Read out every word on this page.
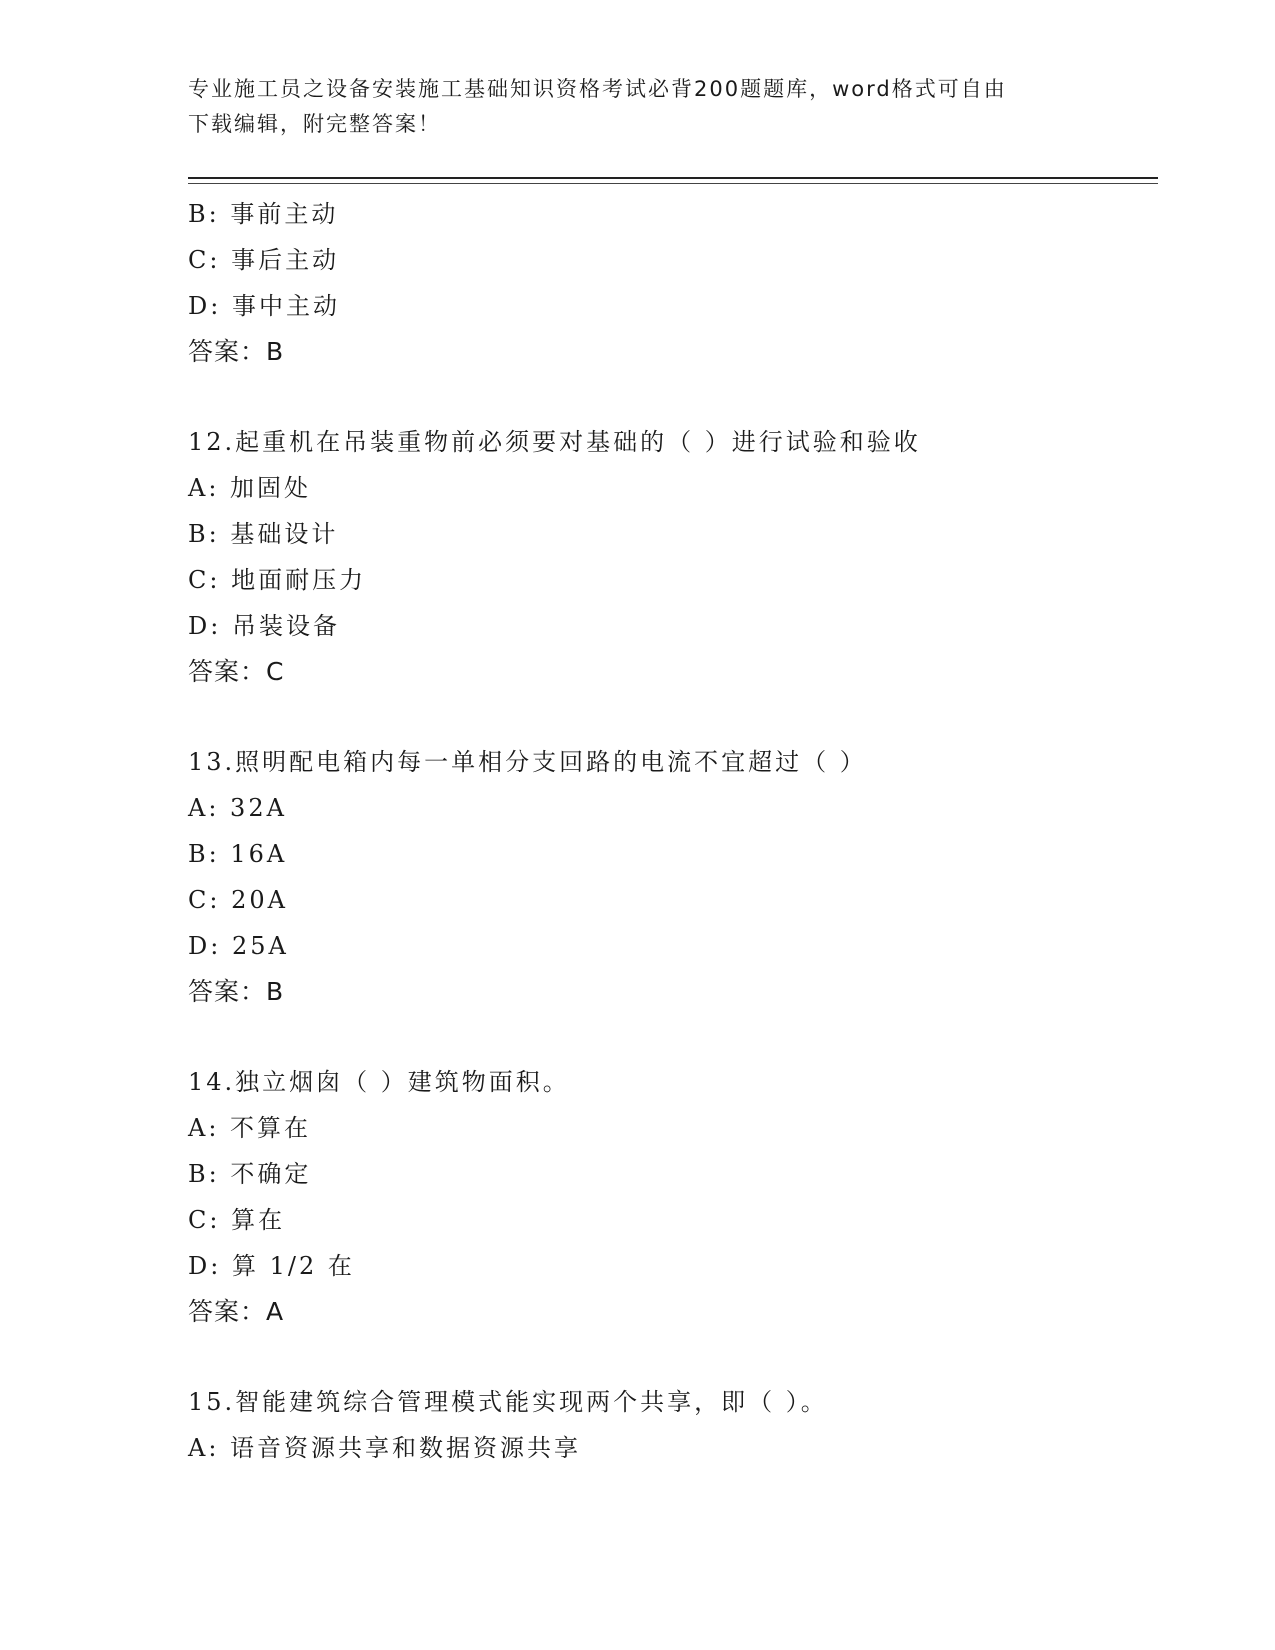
专业施工员之设备安装施工基础知识资格考试必背200题题库，word格式可自由
下载编辑，附完整答案！
B: 事前主动
C: 事后主动
D: 事中主动
答案：B
12.起重机在吊装重物前必须要对基础的（ ）进行试验和验收
A: 加固处
B: 基础设计
C: 地面耐压力
D: 吊装设备
答案：C
13.照明配电箱内每一单相分支回路的电流不宜超过（ ）
A: 32A
B: 16A
C: 20A
D: 25A
答案：B
14.独立烟囱（ ）建筑物面积。
A: 不算在
B: 不确定
C: 算在
D: 算 1/2 在
答案：A
15.智能建筑综合管理模式能实现两个共享，即（ ）。
A: 语音资源共享和数据资源共享
